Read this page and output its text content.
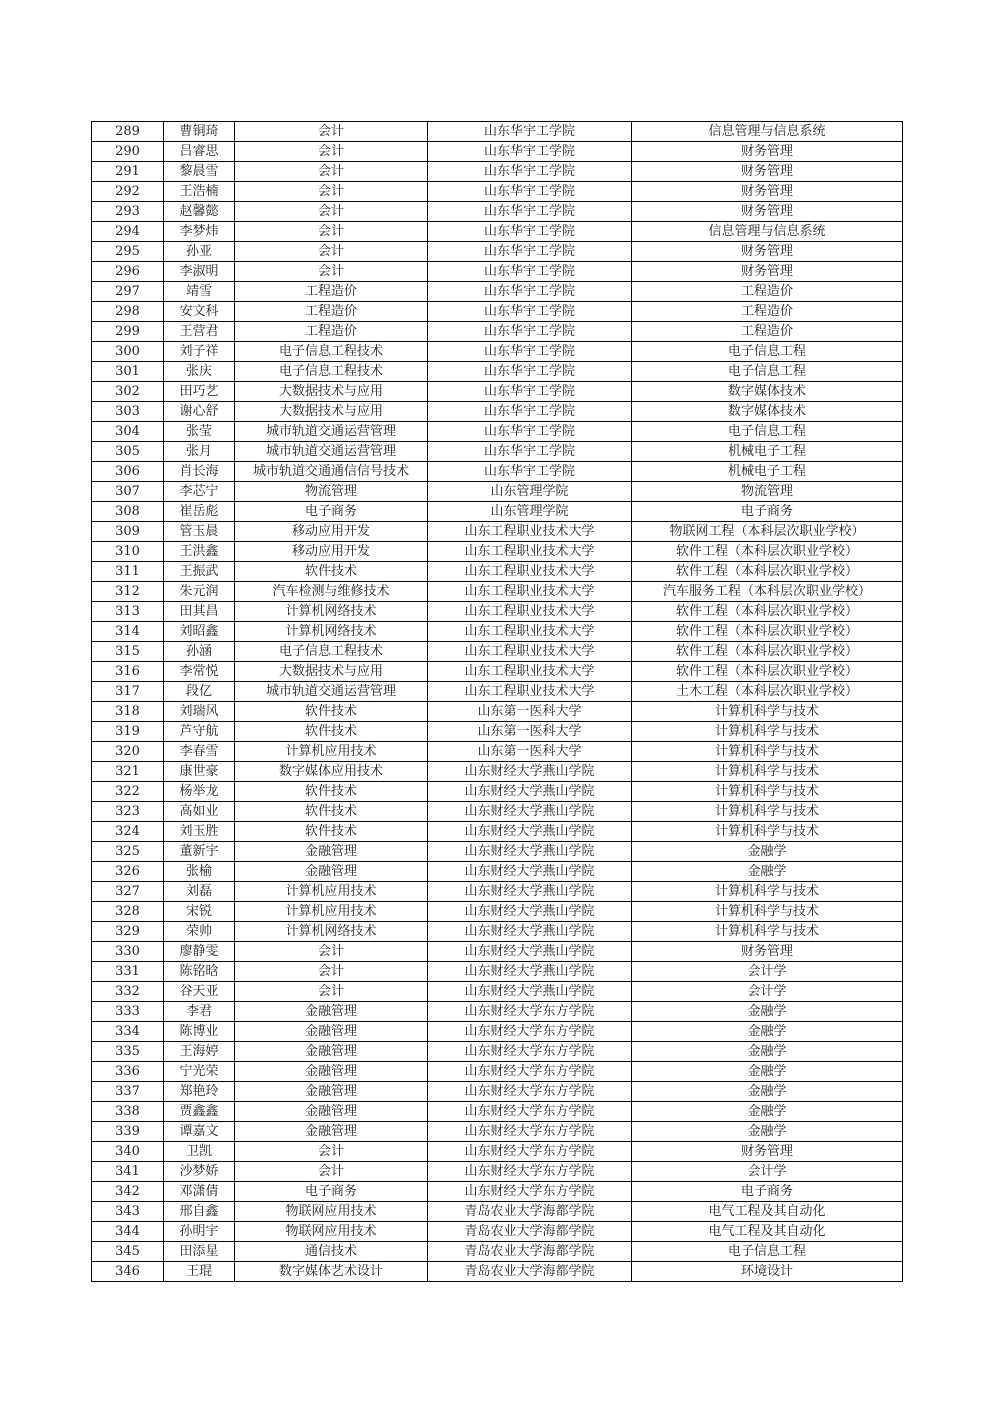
289	曹铜琦	会计	山东华宇工学院	信息管理与信息系统
290	吕睿思	会计	山东华宇工学院	财务管理
291	黎晨雪	会计	山东华宇工学院	财务管理
292	王浩楠	会计	山东华宇工学院	财务管理
293	赵馨懿	会计	山东华宇工学院	财务管理
294	李梦炜	会计	山东华宇工学院	信息管理与信息系统
295	孙亚	会计	山东华宇工学院	财务管理
296	李淑明	会计	山东华宇工学院	财务管理
297	靖雪	工程造价	山东华宇工学院	工程造价
298	安文科	工程造价	山东华宇工学院	工程造价
299	王营君	工程造价	山东华宇工学院	工程造价
300	刘子祥	电子信息工程技术	山东华宇工学院	电子信息工程
301	张庆	电子信息工程技术	山东华宇工学院	电子信息工程
302	田巧艺	大数据技术与应用	山东华宇工学院	数字媒体技术
303	谢心舒	大数据技术与应用	山东华宇工学院	数字媒体技术
304	张莹	城市轨道交通运营管理	山东华宇工学院	电子信息工程
305	张月	城市轨道交通运营管理	山东华宇工学院	机械电子工程
306	肖长海	城市轨道交通通信信号技术	山东华宇工学院	机械电子工程
307	李芯宁	物流管理	山东管理学院	物流管理
308	崔岳彪	电子商务	山东管理学院	电子商务
309	管玉晨	移动应用开发	山东工程职业技术大学	物联网工程（本科层次职业学校）
310	王洪鑫	移动应用开发	山东工程职业技术大学	软件工程（本科层次职业学校）
311	王振武	软件技术	山东工程职业技术大学	软件工程（本科层次职业学校）
312	朱元润	汽车检测与维修技术	山东工程职业技术大学	汽车服务工程（本科层次职业学校）
313	田其昌	计算机网络技术	山东工程职业技术大学	软件工程（本科层次职业学校）
314	刘昭鑫	计算机网络技术	山东工程职业技术大学	软件工程（本科层次职业学校）
315	孙涵	电子信息工程技术	山东工程职业技术大学	软件工程（本科层次职业学校）
316	李常悦	大数据技术与应用	山东工程职业技术大学	软件工程（本科层次职业学校）
317	段亿	城市轨道交通运营管理	山东工程职业技术大学	土木工程（本科层次职业学校）
318	刘瑞风	软件技术	山东第一医科大学	计算机科学与技术
319	芦守航	软件技术	山东第一医科大学	计算机科学与技术
320	李春雪	计算机应用技术	山东第一医科大学	计算机科学与技术
321	康世豪	数字媒体应用技术	山东财经大学燕山学院	计算机科学与技术
322	杨举龙	软件技术	山东财经大学燕山学院	计算机科学与技术
323	高如业	软件技术	山东财经大学燕山学院	计算机科学与技术
324	刘玉胜	软件技术	山东财经大学燕山学院	计算机科学与技术
325	董新宇	金融管理	山东财经大学燕山学院	金融学
326	张榆	金融管理	山东财经大学燕山学院	金融学
327	刘磊	计算机应用技术	山东财经大学燕山学院	计算机科学与技术
328	宋锐	计算机应用技术	山东财经大学燕山学院	计算机科学与技术
329	荣帅	计算机网络技术	山东财经大学燕山学院	计算机科学与技术
330	廖静雯	会计	山东财经大学燕山学院	财务管理
331	陈铭晗	会计	山东财经大学燕山学院	会计学
332	谷天亚	会计	山东财经大学燕山学院	会计学
333	李君	金融管理	山东财经大学东方学院	金融学
334	陈博业	金融管理	山东财经大学东方学院	金融学
335	王海婷	金融管理	山东财经大学东方学院	金融学
336	宁光荣	金融管理	山东财经大学东方学院	金融学
337	郑艳玲	金融管理	山东财经大学东方学院	金融学
338	贾鑫鑫	金融管理	山东财经大学东方学院	金融学
339	谭嘉文	金融管理	山东财经大学东方学院	金融学
340	卫凯	会计	山东财经大学东方学院	财务管理
341	沙梦娇	会计	山东财经大学东方学院	会计学
342	邓潇倩	电子商务	山东财经大学东方学院	电子商务
343	邢自鑫	物联网应用技术	青岛农业大学海都学院	电气工程及其自动化
344	孙明宇	物联网应用技术	青岛农业大学海都学院	电气工程及其自动化
345	田添星	通信技术	青岛农业大学海都学院	电子信息工程
346	王琨	数字媒体艺术设计	青岛农业大学海都学院	环境设计
